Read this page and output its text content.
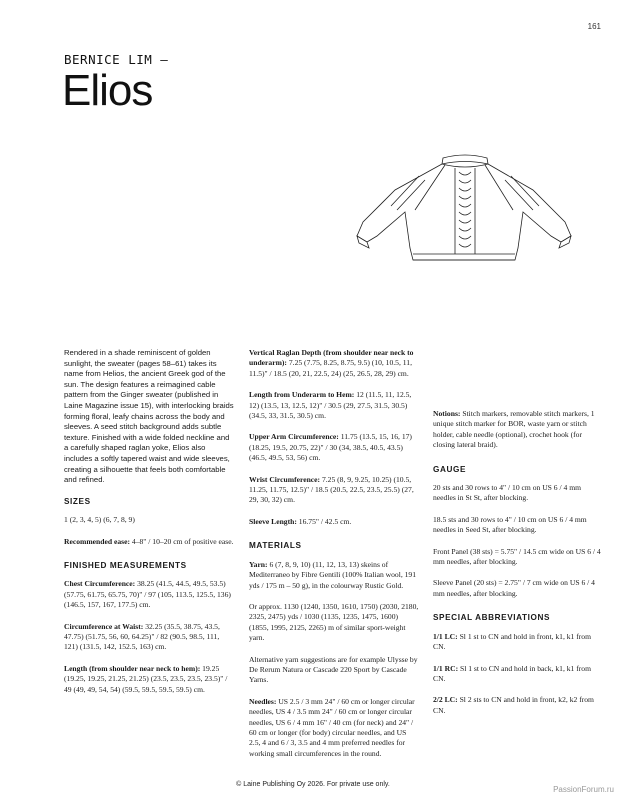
161
BERNICE LIM —
Elios

Rendered in a shade reminiscent of golden sunlight, the sweater (pages 58–61) takes its name from Helios, the ancient Greek god of the sun. The design features a reimagined cable pattern from the Ginger sweater (published in Laine Magazine issue 15), with interlocking braids forming floral, leafy chains across the body and sleeves. A seed stitch background adds subtle texture. Finished with a wide folded neckline and a carefully shaped raglan yoke, Elios also includes a softly tapered waist and wide sleeves, creating a silhouette that feels both comfortable and refined.

SIZES

1 (2, 3, 4, 5) (6, 7, 8, 9)

Recommended ease: 4–8" / 10–20 cm of positive ease.

FINISHED MEASUREMENTS

Chest Circumference: 38.25 (41.5, 44.5, 49.5, 53.5) (57.75, 61.75, 65.75, 70)" / 97 (105, 113.5, 125.5, 136) (146.5, 157, 167, 177.5) cm.

Circumference at Waist: 32.25 (35.5, 38.75, 43.5, 47.75) (51.75, 56, 60, 64.25)" / 82 (90.5, 98.5, 111, 121) (131.5, 142, 152.5, 163) cm.

Length (from shoulder near neck to hem): 19.25 (19.25, 19.25, 21.25, 21.25) (23.5, 23.5, 23.5, 23.5)" / 49 (49, 49, 54, 54) (59.5, 59.5, 59.5, 59.5) cm.

Vertical Raglan Depth (from shoulder near neck to underarm): 7.25 (7.75, 8.25, 8.75, 9.5) (10, 10.5, 11, 11.5)" / 18.5 (20, 21, 22.5, 24) (25, 26.5, 28, 29) cm.

Length from Underarm to Hem: 12 (11.5, 11, 12.5, 12) (13.5, 13, 12.5, 12)" / 30.5 (29, 27.5, 31.5, 30.5) (34.5, 33, 31.5, 30.5) cm.

Upper Arm Circumference: 11.75 (13.5, 15, 16, 17) (18.25, 19.5, 20.75, 22)" / 30 (34, 38.5, 40.5, 43.5) (46.5, 49.5, 53, 56) cm.

Wrist Circumference: 7.25 (8, 9, 9.25, 10.25) (10.5, 11.25, 11.75, 12.5)" / 18.5 (20.5, 22.5, 23.5, 25.5) (27, 29, 30, 32) cm.

Sleeve Length: 16.75" / 42.5 cm.

MATERIALS

Yarn: 6 (7, 8, 9, 10) (11, 12, 13, 13) skeins of Mediterraneo by Fibre Gentili (100% Italian wool, 191 yds / 175 m – 50 g), in the colourway Rustic Gold.

Or approx. 1130 (1240, 1350, 1610, 1750) (2030, 2180, 2325, 2475) yds / 1030 (1135, 1235, 1475, 1600) (1855, 1995, 2125, 2265) m of similar sport-weight yarn.

Alternative yarn suggestions are for example Ulysse by De Rerum Natura or Cascade 220 Sport by Cascade Yarns.

Needles: US 2.5 / 3 mm 24" / 60 cm or longer circular needles, US 4 / 3.5 mm 24" / 60 cm or longer circular needles, US 6 / 4 mm 16" / 40 cm (for neck) and 24" / 60 cm or longer (for body) circular needles, and US 2.5, 4 and 6 / 3, 3.5 and 4 mm preferred needles for working small circumferences in the round.

Notions: Stitch markers, removable stitch markers, 1 unique stitch marker for BOR, waste yarn or stitch holder, cable needle (optional), crochet hook (for closing lateral braid).

GAUGE

20 sts and 30 rows to 4" / 10 cm on US 6 / 4 mm needles in St St, after blocking.

18.5 sts and 30 rows to 4" / 10 cm on US 6 / 4 mm needles in Seed St, after blocking.

Front Panel (38 sts) = 5.75" / 14.5 cm wide on US 6 / 4 mm needles, after blocking.

Sleeve Panel (20 sts) = 2.75" / 7 cm wide on US 6 / 4 mm needles, after blocking.

SPECIAL ABBREVIATIONS

1/1 LC: Sl 1 st to CN and hold in front, k1, k1 from CN.

1/1 RC: Sl 1 st to CN and hold in back, k1, k1 from CN.

2/2 LC: Sl 2 sts to CN and hold in front, k2, k2 from CN.

© Laine Publishing Oy 2026. For private use only.
PassionForum.ru
